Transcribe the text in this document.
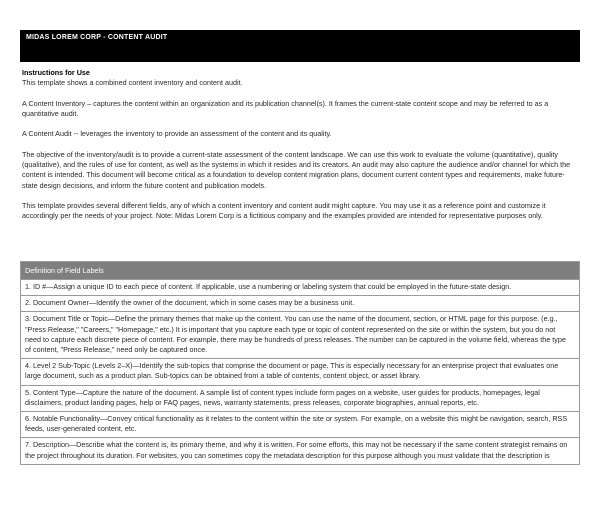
MIDAS LOREM CORP - CONTENT AUDIT
Instructions for Use

This template shows a combined content inventory and content audit.

A Content Inventory – captures the content within an organization and its publication channel(s). It frames the current-state content scope and may be referred to as a quantitative audit.

A Content Audit -- leverages the inventory to provide an assessment of the content and its quality.

The objective of the inventory/audit is to provide a current-state assessment of the content landscape. We can use this work to evaluate the volume (quantitative), quality (qualitative), and the rules of use for content, as well as the systems in which it resides and its creators. An audit may also capture the audience and/or channel for which the content is intended. This document will become critical as a foundation to develop content migration plans, document current content types and requirements, make future-state design decisions, and inform the future content and publication models.

This template provides several different fields, any of which a content inventory and content audit might capture. You may use it as a reference point and customize it accordingly per the needs of your project. Note: Midas Lorem Corp is a fictitious company and the examples provided are intended for representative purposes only.

Definition of Field Labels
1. ID #—Assign a unique ID to each piece of content. If applicable, use a numbering or labeling system that could be employed in the future-state design.
2. Document Owner—Identify the owner of the document, which in some cases may be a business unit.
3. Document Title or Topic—Define the primary themes that make up the content. You can use the name of the document, section, or HTML page for this purpose. (e.g., "Press Release," "Careers," "Homepage," etc.) It is important that you capture each type or topic of content represented on the site or within the system, but you do not need to capture each discrete piece of content. For example, there may be hundreds of press releases. The number can be captured in the volume field, whereas the type of content, "Press Release," need only be captured once.
4. Level 2 Sub-Topic (Levels 2–X)—Identify the sub-topics that comprise the document or page. This is especially necessary for an enterprise project that evaluates one large document, such as a product plan. Sub-topics can be obtained from a table of contents, content object, or asset library.
5. Content Type—Capture the nature of the document. A sample list of content types include form pages on a website, user guides for products, homepages, legal disclaimers, product landing pages, help or FAQ pages, news, warranty statements, press releases, corporate biographies, annual reports, etc.
6. Notable Functionality—Convey critical functionality as it relates to the content within the site or system. For example, on a website this might be navigation, search, RSS feeds, user-generated content, etc.
7. Description—Describe what the content is, its primary theme, and why it is written. For some efforts, this may not be necessary if the same content strategist remains on the project throughout its duration. For websites, you can sometimes copy the metadata description for this purpose although you must validate that the description is
